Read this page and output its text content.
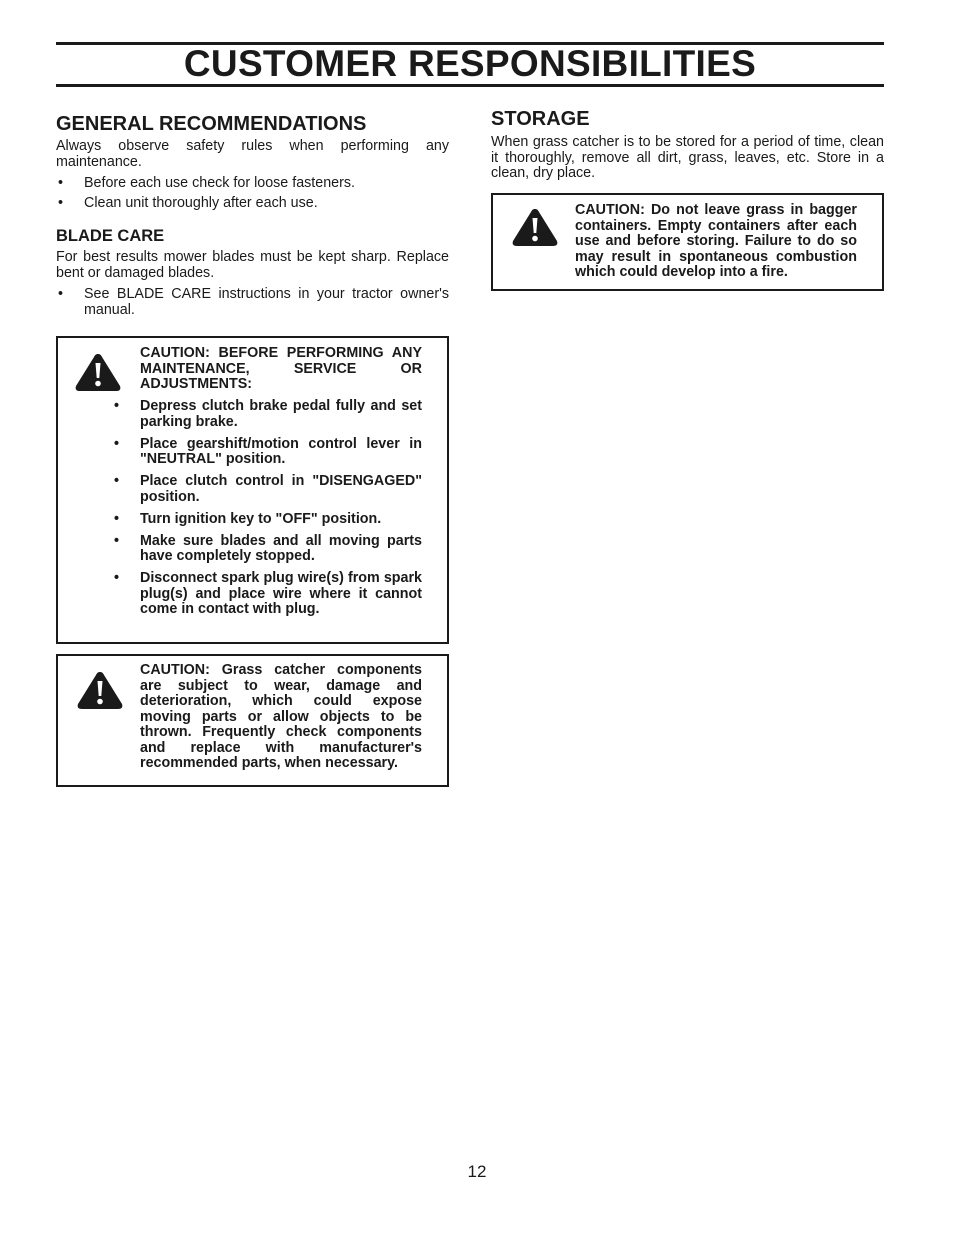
CUSTOMER RESPONSIBILITIES
GENERAL RECOMMENDATIONS

Always observe safety rules when performing any maintenance.

• Before each use check for loose fasteners.
• Clean unit thoroughly after each use.
BLADE CARE

For best results mower blades must be kept sharp. Replace bent or damaged blades.

• See BLADE CARE instructions in your tractor owner's manual.
CAUTION: BEFORE PERFORMING ANY MAINTENANCE, SERVICE OR ADJUSTMENTS:
• Depress clutch brake pedal fully and set parking brake.
• Place gearshift/motion control lever in "NEUTRAL" position.
• Place clutch control in "DISENGAGED" position.
• Turn ignition key to "OFF" position.
• Make sure blades and all moving parts have completely stopped.
• Disconnect spark plug wire(s) from spark plug(s) and place wire where it cannot come in contact with plug.
CAUTION: Grass catcher components are subject to wear, damage and deterioration, which could expose moving parts or allow objects to be thrown. Frequently check components and replace with manufacturer's recommended parts, when necessary.
STORAGE

When grass catcher is to be stored for a period of time, clean it thoroughly, remove all dirt, grass, leaves, etc. Store in a clean, dry place.

CAUTION: Do not leave grass in bagger containers. Empty containers after each use and before storing. Failure to do so may result in spontaneous combustion which could develop into a fire.
12
